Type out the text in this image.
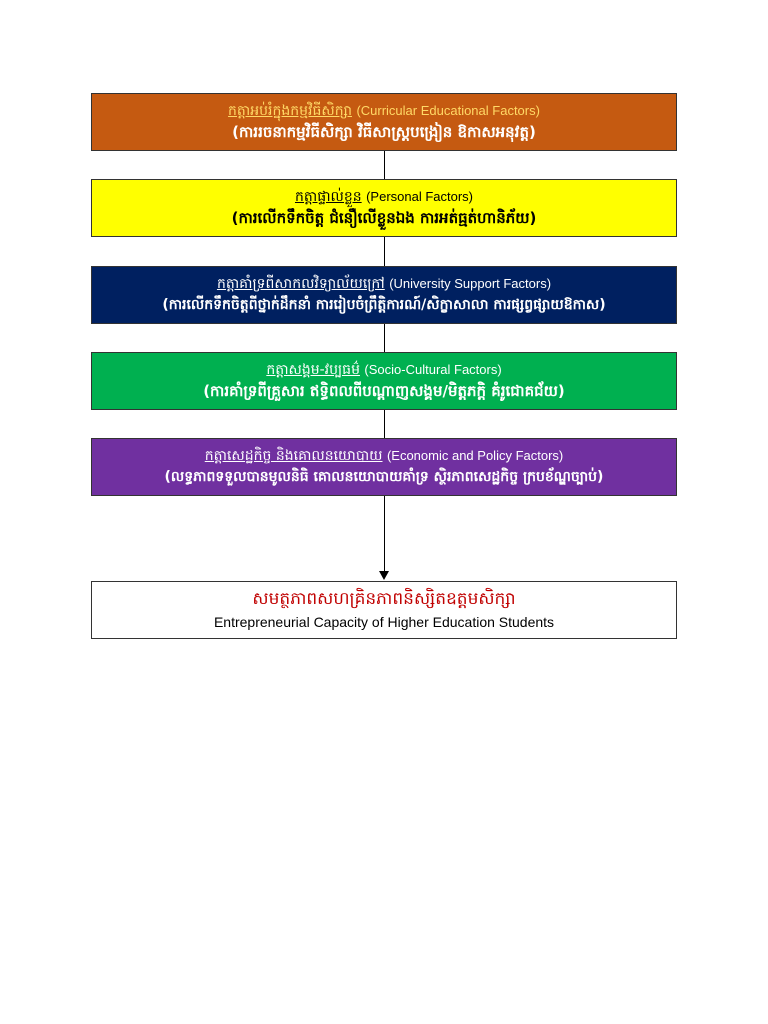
កត្តាអប់រំក្នុងកម្មវិធីសិក្សា (Curricular Educational Factors)
(ការរចនាកម្មវិធីសិក្សា វិធីសាស្ត្របង្រៀន ឱកាសអនុវត្ត)
កត្តាផ្ទាល់ខ្លួន (Personal Factors)
(ការលើកទឹកចិត្ត ជំនឿលើខ្លួនឯង ការអត់ធ្មត់ហានិភ័យ)
កត្តាគាំទ្រពីសាកលវិទ្យាល័យក្រៅ (University Support Factors)
(ការលើកទឹកចិត្តពីថ្នាក់ដឹកនាំ ការរៀបចំព្រឹត្តិការណ៍/សិក្ខាសាលា ការផ្សព្វផ្សាយឱកាស)
កត្តាសង្គម-វប្បធម៌ (Socio-Cultural Factors)
(ការគាំទ្រពីគ្រួសារ ឥទ្ធិពលពីបណ្តាញសង្គម/មិត្តភក្តិ គំរូជោគជ័យ)
កត្តាសេដ្ឋកិច្ច និងគោលនយោបាយ (Economic and Policy Factors)
(លទ្ធភាពទទួលបានមូលនិធិ គោលនយោបាយគាំទ្រ ស្ថិរភាពសេដ្ឋកិច្ច ក្របខ័ណ្ឌច្បាប់)
សមត្ថភាពសហគ្រិនភាពនិស្សិតឧត្តមសិក្សា
Entrepreneurial Capacity of Higher Education Students
